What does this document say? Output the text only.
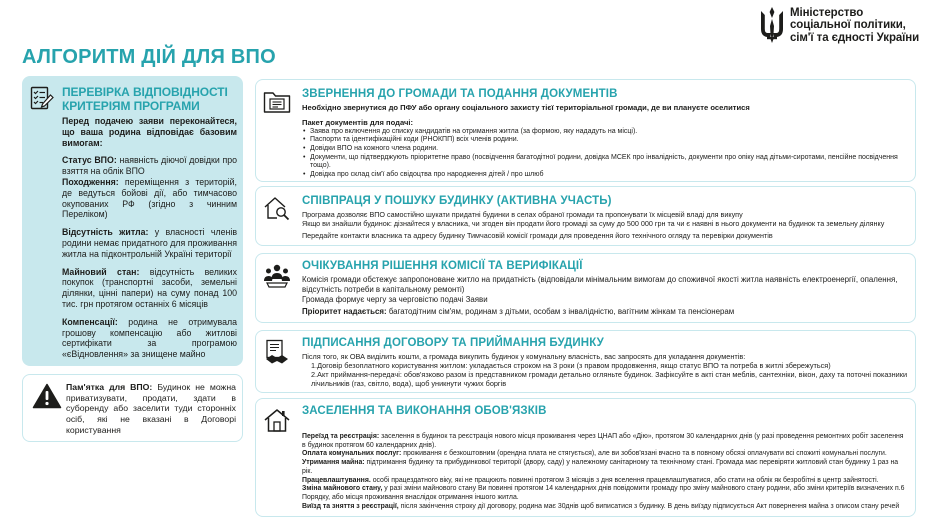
Міністерство
соціальної політики,
сім'ї та єдності України
АЛГОРИТМ ДІЙ ДЛЯ ВПО
ПЕРЕВІРКА ВІДПОВІДНОСТІ
КРИТЕРІЯМ ПРОГРАМИ

Перед подачею заяви переконайтеся, що ваша родина відповідає базовим вимогам:

Статус ВПО: наявність діючої довідки про взяття на облік ВПО

Походження: переміщення з територій, де ведуться бойові дії, або тимчасово окупованих РФ (згідно з чинним Переліком)

Відсутність житла: у власності членів родини немає придатного для проживання житла на підконтрольній Україні території

Майновий стан: відсутність великих покупок (транспортні засоби, земельні ділянки, цінні папери) на суму понад 100 тис. грн протягом останніх 6 місяців

Компенсації: родина не отримувала грошову компенсацію або житлові сертифікати за програмою «єВідновлення» за знищене майно

Пам'ятка для ВПО: Будинок не можна приватизувати, продати, здати в суборенду або заселити туди сторонніх осіб, які не вказані в Договорі користування
ЗВЕРНЕННЯ ДО ГРОМАДИ ТА ПОДАННЯ ДОКУМЕНТІВ
Необхідно звернутися до ПФУ або органу соціального захисту тієї територіальної громади, де ви плануєте оселитися
Пакет документів для подачі:
• Заява про включення до списку кандидатів на отримання житла (за формою, яку нададуть на місці).
• Паспорти та ідентифікаційні коди (РНОКПП) всіх членів родини.
• Довідки ВПО на кожного члена родини.
• Документи, що підтверджують пріоритетне право (посвідчення багатодітної родини, довідка МСЕК про інвалідність, документи про опіку над дітьми-сиротами, пенсійне посвідчення тощо).
• Довідка про склад сім'ї або свідоцтва про народження дітей / про шлюб
СПІВПРАЦЯ У ПОШУКУ БУДИНКУ (АКТИВНА УЧАСТЬ)
Програма дозволяє ВПО самостійно шукати придатні будинки в селах обраної громади та пропонувати їх місцевій владі для викупу
Якщо ви знайшли будинок: дізнайтеся у власника, чи згоден він продати його громаді за суму до 500 000 грн та чи є наявні в нього документи на будинок та земельну ділянку
Передайте контакти власника та адресу будинку Тимчасовій комісії громади для проведення його технічного огляду та перевірки документів
ОЧІКУВАННЯ РІШЕННЯ КОМІСІЇ ТА ВЕРИФІКАЦІЇ
Комісія громади обстежує запропоноване житло на придатність (відповідали мінімальним вимогам до споживчої якості житла наявність електроенергії, опалення, відсутність потреби в капітальному ремонті)
Громада формує чергу за черговістю подачі Заяви
Пріоритет надається: багатодітним сім'ям, родинам з дітьми, особам з інвалідністю, вагітним жінкам та пенсіонерам
ПІДПИСАННЯ ДОГОВОРУ ТА ПРИЙМАННЯ БУДИНКУ
Після того, як ОВА виділить кошти, а громада викупить будинок у комунальну власність, вас запросять для укладання документів:
1.Договір безоплатного користування житлом: укладається строком на 3 роки (з правом продовження, якщо статус ВПО та потреба в житлі збережуться)
2.Акт приймання-передачі: обов'язково разом із представником громади детально огляньте будинок. Зафіксуйте в акті стан меблів, сантехніки, вікон, даху та поточні показники лічильників (газ, світло, вода), щоб уникнути чужих боргів
ЗАСЕЛЕННЯ ТА ВИКОНАННЯ ОБОВ'ЯЗКІВ
Переїзд та реєстрація: заселення в будинок та реєстрація нового місця проживання через ЦНАП або «Дію», протягом 30 календарних днів (у разі проведення ремонтних робіт заселення в будинок протягом 60 календарних днів).
Оплата комунальних послуг: проживання є безкоштовним (орендна плата не стягується), але ви зобов'язані вчасно та в повному обсязі оплачувати всі спожиті комунальні послуги.
Утримання майна: підтримання будинку та прибудинкової території (двору, саду) у належному санітарному та технічному стані. Громада має перевіряти житловий стан будинку 1 раз на рік.
Працевлаштування. особі працездатного віку, які не працюють повинні протягом 3 місяців з дня вселення працевлаштуватися, або стати на облік як безробітні в центр зайнятості.
Зміна майнового стану, у разі зміни майнового стану Ви повинні протягом 14 календарних днів повідомити громаду про зміну майнового стану родини, або зміни критеріїв визначених п.6 Порядку, або місця проживання внаслідок отримання іншого житла.
Виїзд та зняття з реєстрації, після закінчення строку дії договору, родина має 30днів щоб виписатися з будинку. В день виїзду підписується Акт повернення майна з описом стану речей
